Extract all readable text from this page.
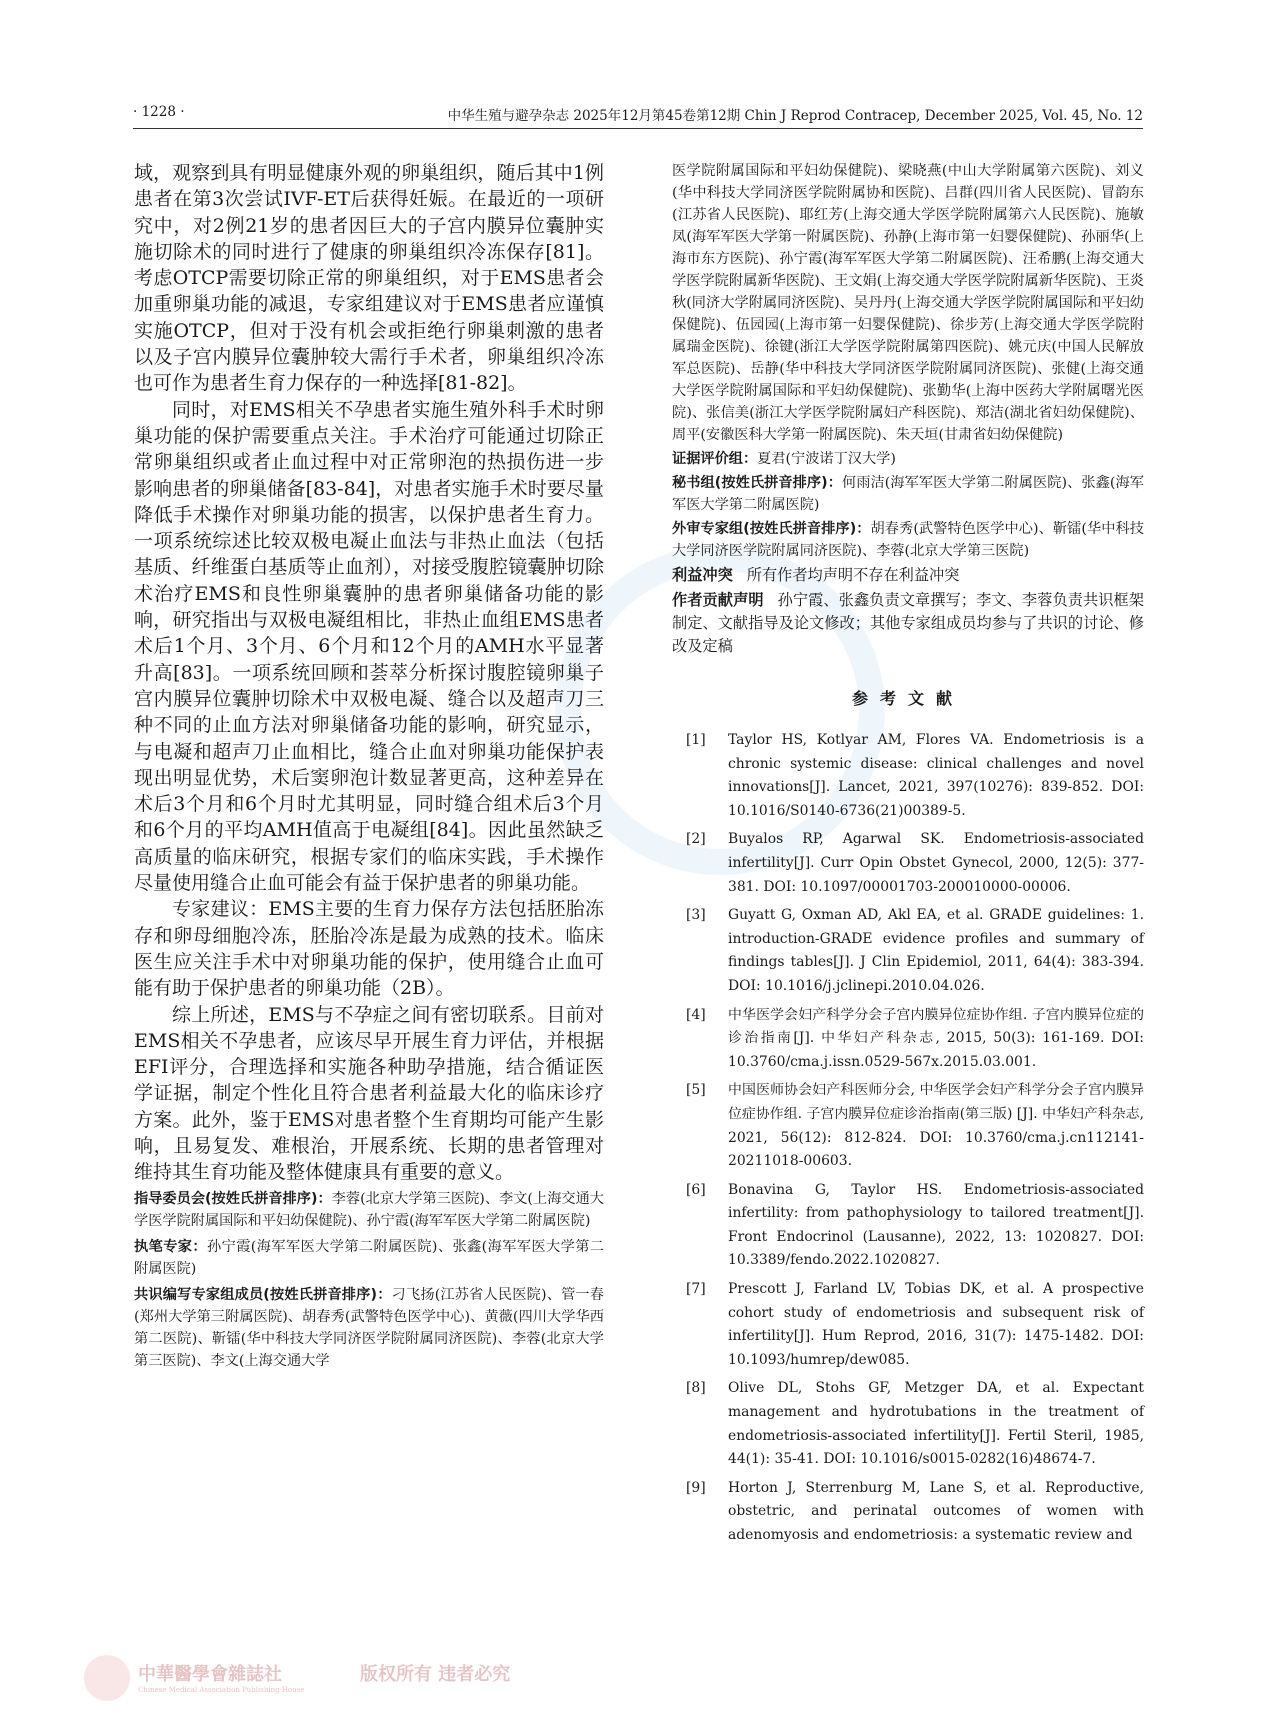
· 1228 ·	中华生殖与避孕杂志 2025年12月第45卷第12期 Chin J Reprod Contracep, December 2025, Vol. 45, No. 12

域，观察到具有明显健康外观的卵巢组织，随后其中1例患者在第3次尝试IVF-ET后获得妊娠。在最近的一项研究中，对2例21岁的患者因巨大的子宫内膜异位囊肿实施切除术的同时进行了健康的卵巢组织冷冻保存[81]。考虑OTCP需要切除正常的卵巢组织，对于EMS患者会加重卵巢功能的减退，专家组建议对于EMS患者应谨慎实施OTCP，但对于没有机会或拒绝行卵巢刺激的患者以及子宫内膜异位囊肿较大需行手术者，卵巢组织冷冻也可作为患者生育力保存的一种选择[81-82]。

同时，对EMS相关不孕患者实施生殖外科手术时卵巢功能的保护需要重点关注。手术治疗可能通过切除正常卵巢组织或者止血过程中对正常卵泡的热损伤进一步影响患者的卵巢储备[83-84]，对患者实施手术时要尽量降低手术操作对卵巢功能的损害，以保护患者生育力。一项系统综述比较双极电凝止血法与非热止血法（包括基质、纤维蛋白基质等止血剂），对接受腹腔镜囊肿切除术治疗EMS和良性卵巢囊肿的患者卵巢储备功能的影响，研究指出与双极电凝组相比，非热止血组EMS患者术后1个月、3个月、6个月和12个月的AMH水平显著升高[83]。一项系统回顾和荟萃分析探讨腹腔镜卵巢子宫内膜异位囊肿切除术中双极电凝、缝合以及超声刀三种不同的止血方法对卵巢储备功能的影响，研究显示，与电凝和超声刀止血相比，缝合止血对卵巢功能保护表现出明显优势，术后窦卵泡计数显著更高，这种差异在术后3个月和6个月时尤其明显，同时缝合组术后3个月和6个月的平均AMH值高于电凝组[84]。因此虽然缺乏高质量的临床研究，根据专家们的临床实践，手术操作尽量使用缝合止血可能会有益于保护患者的卵巢功能。

专家建议：EMS主要的生育力保存方法包括胚胎冻存和卵母细胞冷冻，胚胎冷冻是最为成熟的技术。临床医生应关注手术中对卵巢功能的保护，使用缝合止血可能有助于保护患者的卵巢功能（2B）。

综上所述，EMS与不孕症之间有密切联系。目前对EMS相关不孕患者，应该尽早开展生育力评估，并根据EFI评分，合理选择和实施各种助孕措施，结合循证医学证据，制定个性化且符合患者利益最大化的临床诊疗方案。此外，鉴于EMS对患者整个生育期均可能产生影响，且易复发、难根治，开展系统、长期的患者管理对维持其生育功能及整体健康具有重要的意义。

指导委员会(按姓氏拼音排序)：李蓉(北京大学第三医院)、李文(上海交通大学医学院附属国际和平妇幼保健院)、孙宁霞(海军军医大学第二附属医院)

执笔专家：孙宁霞(海军军医大学第二附属医院)、张鑫(海军军医大学第二附属医院)

共识编写专家组成员(按姓氏拼音排序)：刁飞扬(江苏省人民医院)、管一春(郑州大学第三附属医院)、胡春秀(武警特色医学中心)、黄薇(四川大学华西第二医院)、靳镭(华中科技大学同济医学院附属同济医院)、李蓉(北京大学第三医院)、李文(上海交通大学

医学院附属国际和平妇幼保健院)、梁晓燕(中山大学附属第六医院)、刘义(华中科技大学同济医学院附属协和医院)、吕群(四川省人民医院)、冒韵东(江苏省人民医院)、耶红芳(上海交通大学医学院附属第六人民医院)、施敏凤(海军军医大学第一附属医院)、孙静(上海市第一妇婴保健院)、孙丽华(上海市东方医院)、孙宁霞(海军军医大学第二附属医院)、汪希鹏(上海交通大学医学院附属新华医院)、王文娟(上海交通大学医学院附属新华医院)、王炎秋(同济大学附属同济医院)、吴丹丹(上海交通大学医学院附属国际和平妇幼保健院)、伍园园(上海市第一妇婴保健院)、徐步芳(上海交通大学医学院附属瑞金医院)、徐键(浙江大学医学院附属第四医院)、姚元庆(中国人民解放军总医院)、岳静(华中科技大学同济医学院附属同济医院)、张健(上海交通大学医学院附属国际和平妇幼保健院)、张勤华(上海中医药大学附属曙光医院)、张信美(浙江大学医学院附属妇产科医院)、郑洁(湖北省妇幼保健院)、周平(安徽医科大学第一附属医院)、朱天垣(甘肃省妇幼保健院)

证据评价组：夏君(宁波诺丁汉大学)

秘书组(按姓氏拼音排序)：何雨洁(海军军医大学第二附属医院)、张鑫(海军军医大学第二附属医院)

外审专家组(按姓氏拼音排序)：胡春秀(武警特色医学中心)、靳镭(华中科技大学同济医学院附属同济医院)、李蓉(北京大学第三医院)

利益冲突 所有作者均声明不存在利益冲突

作者贡献声明 孙宁霞、张鑫负责文章撰写；李文、李蓉负责共识框架制定、文献指导及论文修改；其他专家组成员均参与了共识的讨论、修改及定稿

参考文献
[1] Taylor HS, Kotlyar AM, Flores VA. Endometriosis is a chronic systemic disease: clinical challenges and novel innovations[J]. Lancet, 2021, 397(10276): 839-852. DOI: 10.1016/S0140-6736(21)00389-5.
[2] Buyalos RP, Agarwal SK. Endometriosis-associated infertility[J]. Curr Opin Obstet Gynecol, 2000, 12(5): 377-381. DOI: 10.1097/00001703-200010000-00006.
[3] Guyatt G, Oxman AD, Akl EA, et al. GRADE guidelines: 1. introduction-GRADE evidence profiles and summary of findings tables[J]. J Clin Epidemiol, 2011, 64(4): 383-394. DOI: 10.1016/j.jclinepi.2010.04.026.
[4] 中华医学会妇产科学分会子宫内膜异位症协作组. 子宫内膜异位症的诊治指南[J]. 中华妇产科杂志, 2015, 50(3): 161-169. DOI: 10.3760/cma.j.issn.0529-567x.2015.03.001.
[5] 中国医师协会妇产科医师分会, 中华医学会妇产科学分会子宫内膜异位症协作组. 子宫内膜异位症诊治指南(第三版) [J]. 中华妇产科杂志, 2021, 56(12): 812-824. DOI: 10.3760/cma.j.cn112141-20211018-00603.
[6] Bonavina G, Taylor HS. Endometriosis-associated infertility: from pathophysiology to tailored treatment[J]. Front Endocrinol (Lausanne), 2022, 13: 1020827. DOI: 10.3389/fendo.2022.1020827.
[7] Prescott J, Farland LV, Tobias DK, et al. A prospective cohort study of endometriosis and subsequent risk of infertility[J]. Hum Reprod, 2016, 31(7): 1475-1482. DOI: 10.1093/humrep/dew085.
[8] Olive DL, Stohs GF, Metzger DA, et al. Expectant management and hydrotubations in the treatment of endometriosis-associated infertility[J]. Fertil Steril, 1985, 44(1): 35-41. DOI: 10.1016/s0015-0282(16)48674-7.
[9] Horton J, Sterrenburg M, Lane S, et al. Reproductive, obstetric, and perinatal outcomes of women with adenomyosis and endometriosis: a systematic review and
中華醫學會雜誌社
Chinese Medical Association Publishing House
版权所有 违者必究
